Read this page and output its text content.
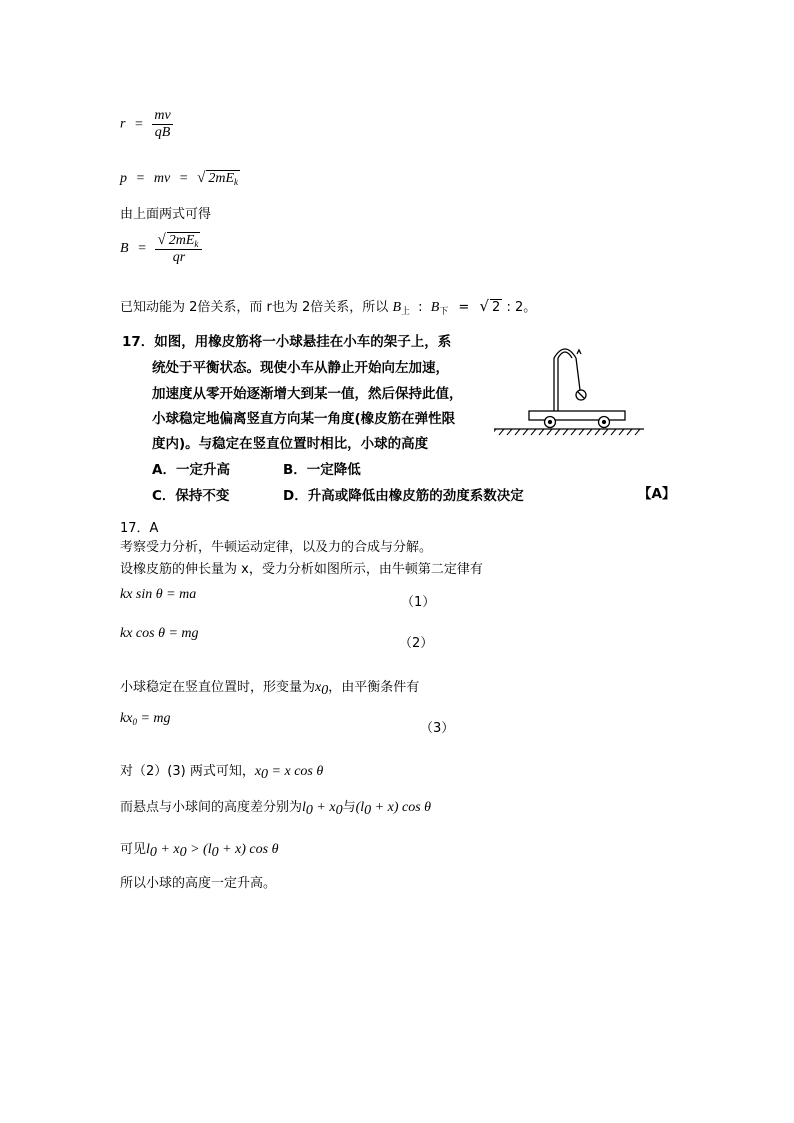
$r = \frac{mv}{qB}$
p = mv = √ $2mE_k$
由上面两式可得
$B = \frac{√ 2mE_k}{qr}$
已知动能为 2倍关系，而 r也为 2倍关系，所以 $B_上$ : $B_下$ = √ 2 : 2。
17．如图，用橡皮筋将一小球悬挂在小车的架子上，系
统处于平衡状态。现使小车从静止开始向左加速，
加速度从零开始逐渐增大到某一值，然后保持此值，
小球稳定地偏离竖直方向某一角度(橡皮筋在弹性限
度内)。与稳定在竖直位置时相比，小球的高度
A．一定升高	B．一定降低
C．保持不变	D．升高或降低由橡皮筋的劲度系数决定	【A】
17．A
考察受力分析，牛顿运动定律，以及力的合成与分解。
设橡皮筋的伸长量为 x，受力分析如图所示，由牛顿第二定律有
kx sin θ = ma
（1）
kx cos θ = mg
（2）
小球稳定在竖直位置时，形变量为$x_0$，由平衡条件有
$kx_0$ = mg
（3）
对（2）(3) 两式可知，$x_0 = x$ cos θ
而悬点与小球间的高度差分别为$l_0 + x_0$与$(l_0 + x)$ cos θ
可见$l_0 + x_0 > (l_0 + x)$ cos θ
所以小球的高度一定升高。
